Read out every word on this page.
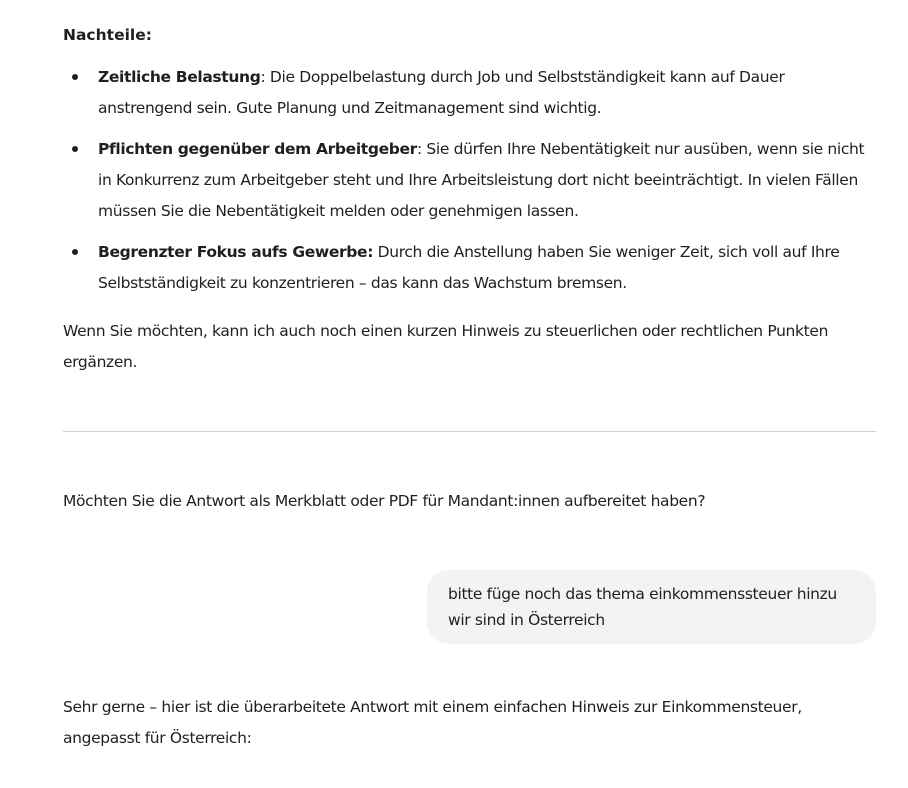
Nachteile:
Zeitliche Belastung: Die Doppelbelastung durch Job und Selbstständigkeit kann auf Dauer anstrengend sein. Gute Planung und Zeitmanagement sind wichtig.
Pflichten gegenüber dem Arbeitgeber: Sie dürfen Ihre Nebentätigkeit nur ausüben, wenn sie nicht in Konkurrenz zum Arbeitgeber steht und Ihre Arbeitsleistung dort nicht beeinträchtigt. In vielen Fällen müssen Sie die Nebentätigkeit melden oder genehmigen lassen.
Begrenzter Fokus aufs Gewerbe: Durch die Anstellung haben Sie weniger Zeit, sich voll auf Ihre Selbstständigkeit zu konzentrieren – das kann das Wachstum bremsen.
Wenn Sie möchten, kann ich auch noch einen kurzen Hinweis zu steuerlichen oder rechtlichen Punkten ergänzen.
Möchten Sie die Antwort als Merkblatt oder PDF für Mandant:innen aufbereitet haben?
Sehr gerne – hier ist die überarbeitete Antwort mit einem einfachen Hinweis zur Einkommensteuer, angepasst für Österreich:
bitte füge noch das thema einkommenssteuer hinzu
wir sind in Österreich
